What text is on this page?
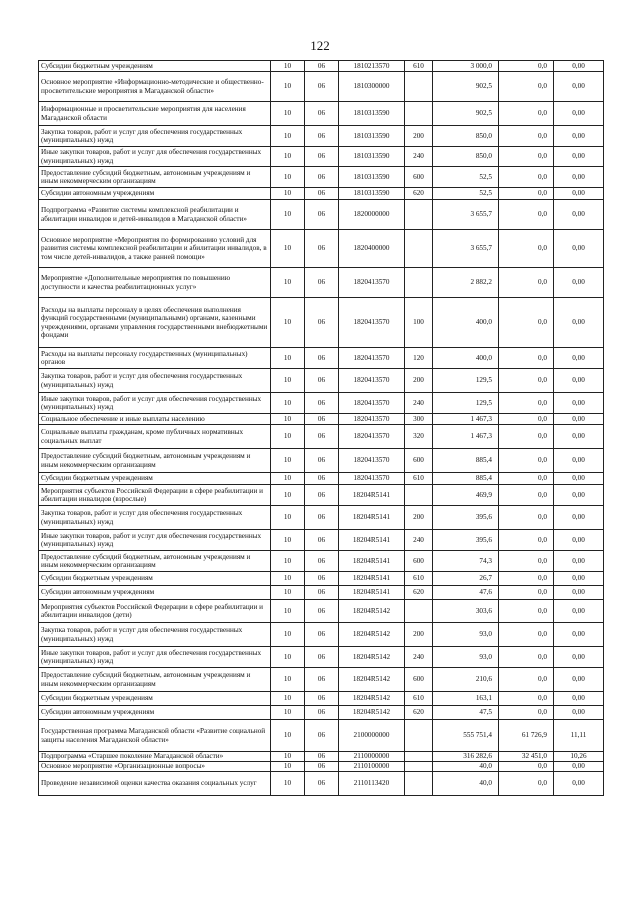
122
Субсидии бюджетным учреждениям	10	06	1810213570	610	3 000,0	0,0	0,00
Основное мероприятие «Информационно-методические и общественно-просветительские мероприятия в Магаданской области»	10	06	1810300000		902,5	0,0	0,00
Информационные и просветительские мероприятия для населения Магаданской области	10	06	1810313590		902,5	0,0	0,00
Закупка товаров, работ и услуг для обеспечения государственных (муниципальных) нужд	10	06	1810313590	200	850,0	0,0	0,00
Иные закупки товаров, работ и услуг для обеспечения государственных (муниципальных) нужд	10	06	1810313590	240	850,0	0,0	0,00
Предоставление субсидий бюджетным, автономным учреждениям и иным некоммерческим организациям	10	06	1810313590	600	52,5	0,0	0,00
Субсидии автономным учреждениям	10	06	1810313590	620	52,5	0,0	0,00
Подпрограмма «Развитие системы комплексной реабилитации и абилитации инвалидов и детей-инвалидов в Магаданской области»	10	06	1820000000		3 655,7	0,0	0,00
Основное мероприятие «Мероприятия по формированию условий для развития системы комплексной реабилитации и абилитации инвалидов, в том числе детей-инвалидов, а также ранней помощи»	10	06	1820400000		3 655,7	0,0	0,00
Мероприятие «Дополнительные мероприятия по повышению доступности и качества реабилитационных услуг»	10	06	1820413570		2 882,2	0,0	0,00
Расходы на выплаты персоналу в целях обеспечения выполнения функций государственными (муниципальными) органами, казенными учреждениями, органами управления государственными внебюджетными фондами	10	06	1820413570	100	400,0	0,0	0,00
Расходы на выплаты персоналу государственных (муниципальных) органов	10	06	1820413570	120	400,0	0,0	0,00
Закупка товаров, работ и услуг для обеспечения государственных (муниципальных) нужд	10	06	1820413570	200	129,5	0,0	0,00
Иные закупки товаров, работ и услуг для обеспечения государственных (муниципальных) нужд	10	06	1820413570	240	129,5	0,0	0,00
Социальное обеспечение и иные выплаты населению	10	06	1820413570	300	1 467,3	0,0	0,00
Социальные выплаты гражданам, кроме публичных нормативных социальных выплат	10	06	1820413570	320	1 467,3	0,0	0,00
Предоставление субсидий бюджетным, автономным учреждениям и иным некоммерческим организациям	10	06	1820413570	600	885,4	0,0	0,00
Субсидии бюджетным учреждениям	10	06	1820413570	610	885,4	0,0	0,00
Мероприятия субъектов Российской Федерации в сфере реабилитации и абилитации инвалидов (взрослые)	10	06	18204R5141		469,9	0,0	0,00
Закупка товаров, работ и услуг для обеспечения государственных (муниципальных) нужд	10	06	18204R5141	200	395,6	0,0	0,00
Иные закупки товаров, работ и услуг для обеспечения государственных (муниципальных) нужд	10	06	18204R5141	240	395,6	0,0	0,00
Предоставление субсидий бюджетным, автономным учреждениям и иным некоммерческим организациям	10	06	18204R5141	600	74,3	0,0	0,00
Субсидии бюджетным учреждениям	10	06	18204R5141	610	26,7	0,0	0,00
Субсидии автономным учреждениям	10	06	18204R5141	620	47,6	0,0	0,00
Мероприятия субъектов Российской Федерации в сфере реабилитации и абилитации инвалидов (дети)	10	06	18204R5142		303,6	0,0	0,00
Закупка товаров, работ и услуг для обеспечения государственных (муниципальных) нужд	10	06	18204R5142	200	93,0	0,0	0,00
Иные закупки товаров, работ и услуг для обеспечения государственных (муниципальных) нужд	10	06	18204R5142	240	93,0	0,0	0,00
Предоставление субсидий бюджетным, автономным учреждениям и иным некоммерческим организациям	10	06	18204R5142	600	210,6	0,0	0,00
Субсидии бюджетным учреждениям	10	06	18204R5142	610	163,1	0,0	0,00
Субсидии автономным учреждениям	10	06	18204R5142	620	47,5	0,0	0,00
Государственная программа Магаданской области «Развитие социальной защиты населения Магаданской области»	10	06	2100000000		555 751,4	61 726,9	11,11
Подпрограмма «Старшее поколение Магаданской области»	10	06	2110000000		316 282,6	32 451,0	10,26
Основное мероприятие «Организационные вопросы»	10	06	2110100000		40,0	0,0	0,00
Проведение независимой оценки качества оказания социальных услуг	10	06	2110113420		40,0	0,0	0,00
